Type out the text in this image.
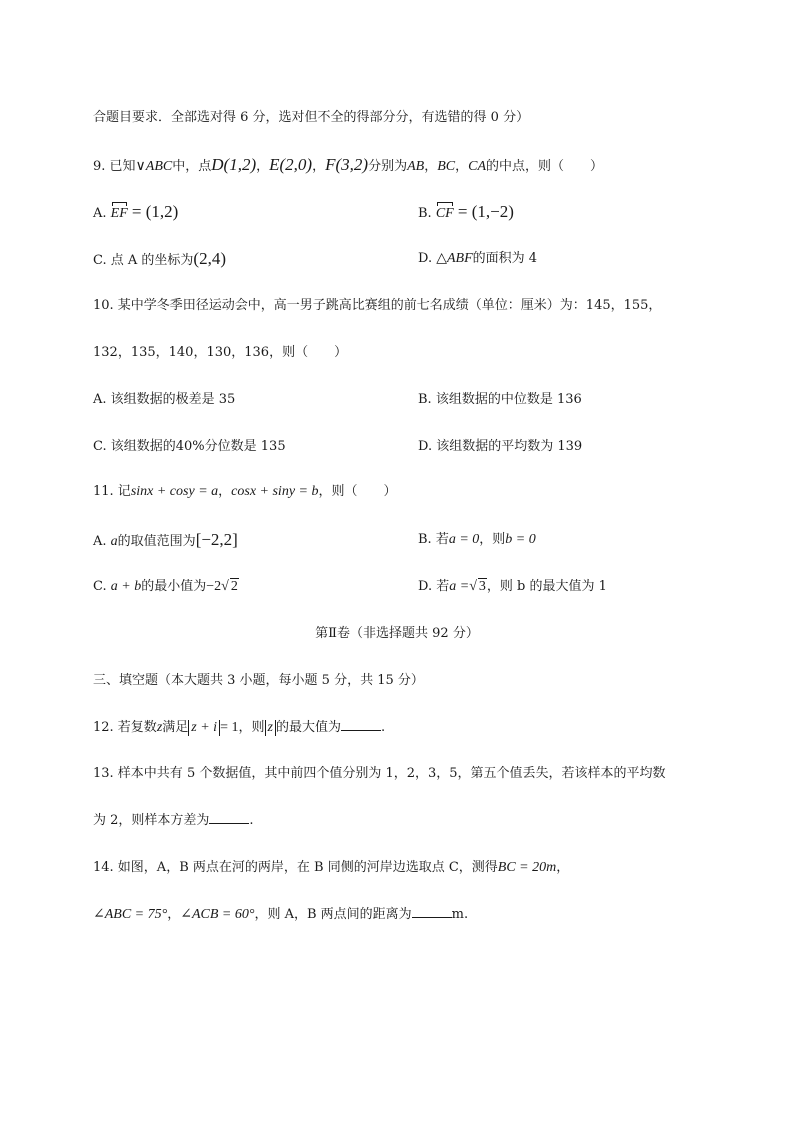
合题目要求．全部选对得 6 分，选对但不全的得部分分，有选错的得 0 分）
9. 已知∨ABC中，点D(1,2)，E(2,0)，F(3,2)分别为AB，BC，CA的中点，则（　　）
A. EF = (1,2)	B. CF = (1,−2)
C. 点 A 的坐标为(2,4)	D. △ABF的面积为 4
10. 某中学冬季田径运动会中，高一男子跳高比赛组的前七名成绩（单位：厘米）为：145，155，
132，135，140，130，136，则（　　）
A. 该组数据的极差是 35	B. 该组数据的中位数是 136
C. 该组数据的40%分位数是 135	D. 该组数据的平均数为 139
11. 记sinx + cosy = a，cosx + siny = b，则（　　）
A. a的取值范围为[−2,2]	B. 若a = 0，则b = 0
C. a + b的最小值为−2√ 2	D. 若a =√ 3，则 b 的最大值为 1
第Ⅱ卷（非选择题共 92 分）
三、填空题（本大题共 3 小题，每小题 5 分，共 15 分）
12. 若复数z满足 z + i = 1，则 z 的最大值为	.
13. 样本中共有 5 个数据值，其中前四个值分别为 1，2，3，5，第五个值丢失，若该样本的平均数
为 2，则样本方差为	.
14. 如图，A，B 两点在河的两岸，在 B 同侧的河岸边选取点 C，测得BC = 20m，
∠ABC = 75°，∠ACB = 60°，则 A，B 两点间的距离为	m.
